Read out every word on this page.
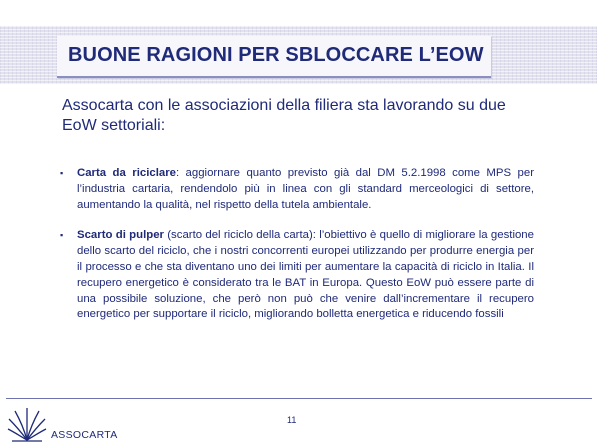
BUONE RAGIONI PER SBLOCCARE L’EOW
Assocarta con le associazioni della filiera sta lavorando su due EoW settoriali:
▪ Carta da riciclare: aggiornare quanto previsto già dal DM 5.2.1998 come MPS per l’industria cartaria, rendendolo più in linea con gli standard merceologici di settore, aumentando la qualità, nel rispetto della tutela ambientale.
▪ Scarto di pulper (scarto del riciclo della carta): l’obiettivo è quello di migliorare la gestione dello scarto del riciclo, che i nostri concorrenti europei utilizzando per produrre energia per il processo e che sta diventano uno dei limiti per aumentare la capacità di riciclo in Italia. Il recupero energetico è considerato tra le BAT in Europa. Questo EoW può essere parte di una possibile soluzione, che però non può che venire dall’incrementare il recupero energetico per supportare il riciclo, migliorando bolletta energetica e riducendo fossili
11
ASSOCARTA
